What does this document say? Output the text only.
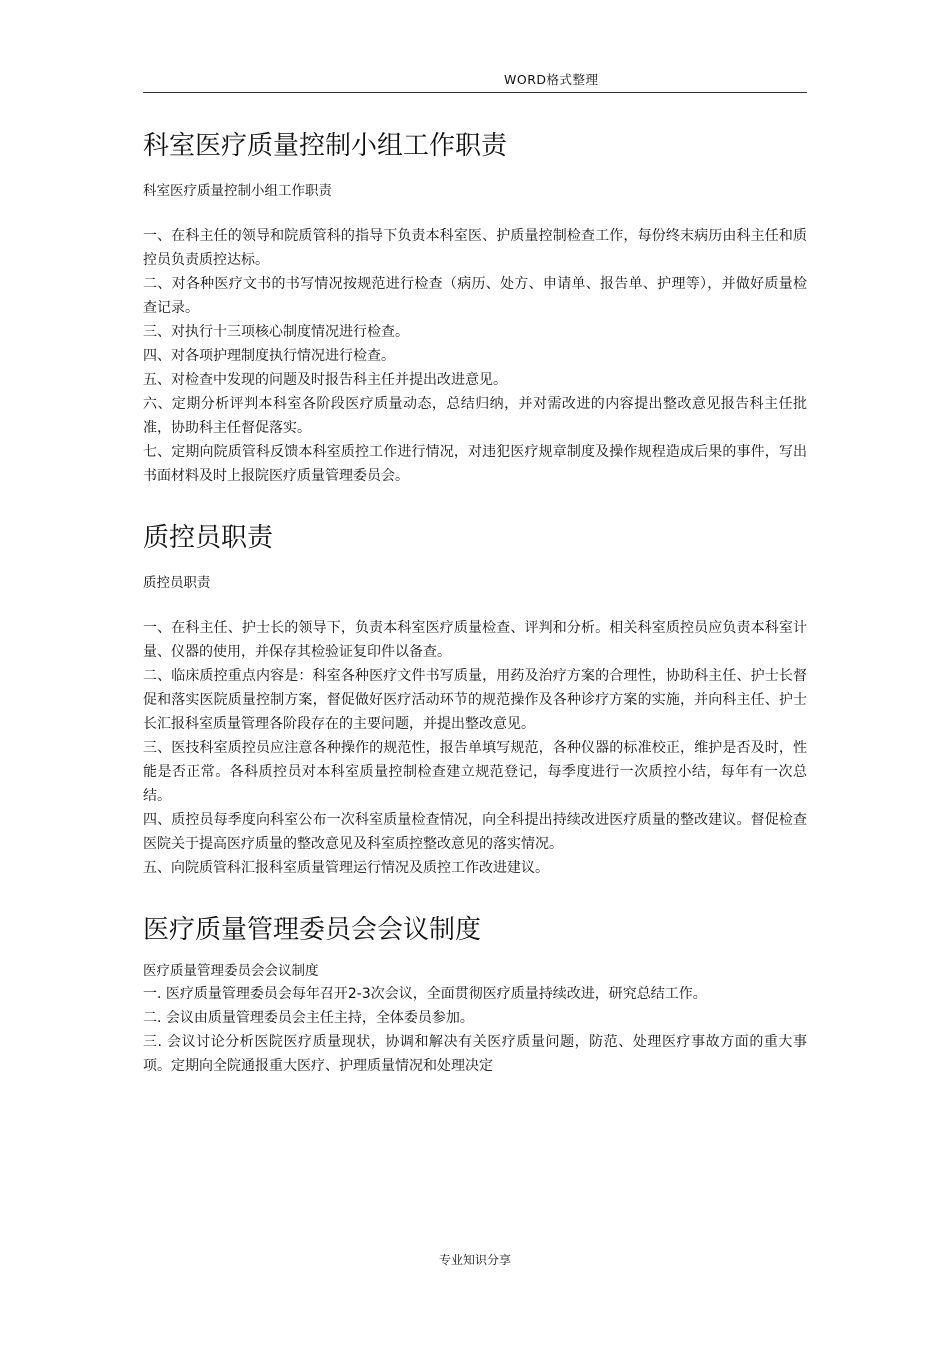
WORD格式整理
科室医疗质量控制小组工作职责

科室医疗质量控制小组工作职责

一、在科主任的领导和院质管科的指导下负责本科室医、护质量控制检查工作，每份终末病历由科主任和质控员负责质控达标。

二、对各种医疗文书的书写情况按规范进行检查（病历、处方、申请单、报告单、护理等），并做好质量检查记录。

三、对执行十三项核心制度情况进行检查。

四、对各项护理制度执行情况进行检查。

五、对检查中发现的问题及时报告科主任并提出改进意见。

六、定期分析评判本科室各阶段医疗质量动态，总结归纳，并对需改进的内容提出整改意见报告科主任批准，协助科主任督促落实。

七、定期向院质管科反馈本科室质控工作进行情况，对违犯医疗规章制度及操作规程造成后果的事件，写出书面材料及时上报院医疗质量管理委员会。

质控员职责

质控员职责

一、在科主任、护士长的领导下，负责本科室医疗质量检查、评判和分析。相关科室质控员应负责本科室计量、仪器的使用，并保存其检验证复印件以备查。

二、临床质控重点内容是：科室各种医疗文件书写质量，用药及治疗方案的合理性，协助科主任、护士长督促和落实医院质量控制方案，督促做好医疗活动环节的规范操作及各种诊疗方案的实施，并向科主任、护士长汇报科室质量管理各阶段存在的主要问题，并提出整改意见。

三、医技科室质控员应注意各种操作的规范性，报告单填写规范，各种仪器的标准校正，维护是否及时，性能是否正常。各科质控员对本科室质量控制检查建立规范登记，每季度进行一次质控小结，每年有一次总结。

四、质控员每季度向科室公布一次科室质量检查情况，向全科提出持续改进医疗质量的整改建议。督促检查医院关于提高医疗质量的整改意见及科室质控整改意见的落实情况。

五、向院质管科汇报科室质量管理运行情况及质控工作改进建议。

医疗质量管理委员会会议制度

医疗质量管理委员会会议制度

一. 医疗质量管理委员会每年召开2-3次会议，全面贯彻医疗质量持续改进，研究总结工作。

二. 会议由质量管理委员会主任主持，全体委员参加。

三. 会议讨论分析医院医疗质量现状，协调和解决有关医疗质量问题，防范、处理医疗事故方面的重大事项。定期向全院通报重大医疗、护理质量情况和处理决定

专业知识分享
